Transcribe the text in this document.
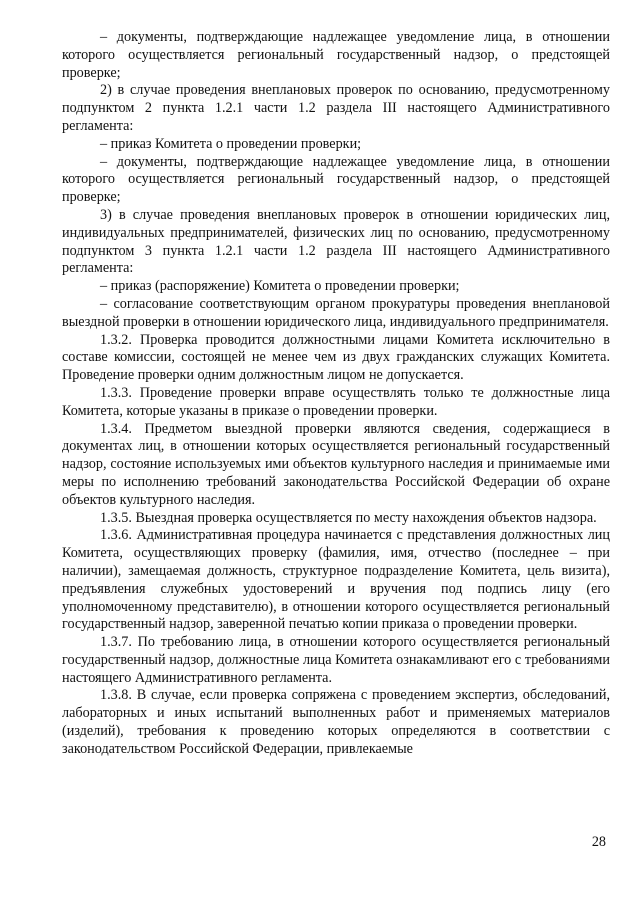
– документы, подтверждающие надлежащее уведомление лица, в отношении которого осуществляется региональный государственный надзор, о предстоящей проверке;

2) в случае проведения внеплановых проверок по основанию, предусмотренному подпунктом 2 пункта 1.2.1 части 1.2 раздела III настоящего Административного регламента:

– приказ Комитета о проведении проверки;

– документы, подтверждающие надлежащее уведомление лица, в отношении которого осуществляется региональный государственный надзор, о предстоящей проверке;

3) в случае проведения внеплановых проверок в отношении юридических лиц, индивидуальных предпринимателей, физических лиц по основанию, предусмотренному подпунктом 3 пункта 1.2.1 части 1.2 раздела III настоящего Административного регламента:

– приказ (распоряжение) Комитета о проведении проверки;

– согласование соответствующим органом прокуратуры проведения внеплановой выездной проверки в отношении юридического лица, индивидуального предпринимателя.

1.3.2. Проверка проводится должностными лицами Комитета исключительно в составе комиссии, состоящей не менее чем из двух гражданских служащих Комитета. Проведение проверки одним должностным лицом не допускается.

1.3.3. Проведение проверки вправе осуществлять только те должностные лица Комитета, которые указаны в приказе о проведении проверки.

1.3.4. Предметом выездной проверки являются сведения, содержащиеся в документах лиц, в отношении которых осуществляется региональный государственный надзор, состояние используемых ими объектов культурного наследия и принимаемые ими меры по исполнению требований законодательства Российской Федерации об охране объектов культурного наследия.

1.3.5. Выездная проверка осуществляется по месту нахождения объектов надзора.

1.3.6. Административная процедура начинается с представления должностных лиц Комитета, осуществляющих проверку (фамилия, имя, отчество (последнее – при наличии), замещаемая должность, структурное подразделение Комитета, цель визита), предъявления служебных удостоверений и вручения под подпись лицу (его уполномоченному представителю), в отношении которого осуществляется региональный государственный надзор, заверенной печатью копии приказа о проведении проверки.

1.3.7. По требованию лица, в отношении которого осуществляется региональный государственный надзор, должностные лица Комитета ознакамливают его с требованиями настоящего Административного регламента.

1.3.8. В случае, если проверка сопряжена с проведением экспертиз, обследований, лабораторных и иных испытаний выполненных работ и применяемых материалов (изделий), требования к проведению которых определяются в соответствии с законодательством Российской Федерации, привлекаемые

28
